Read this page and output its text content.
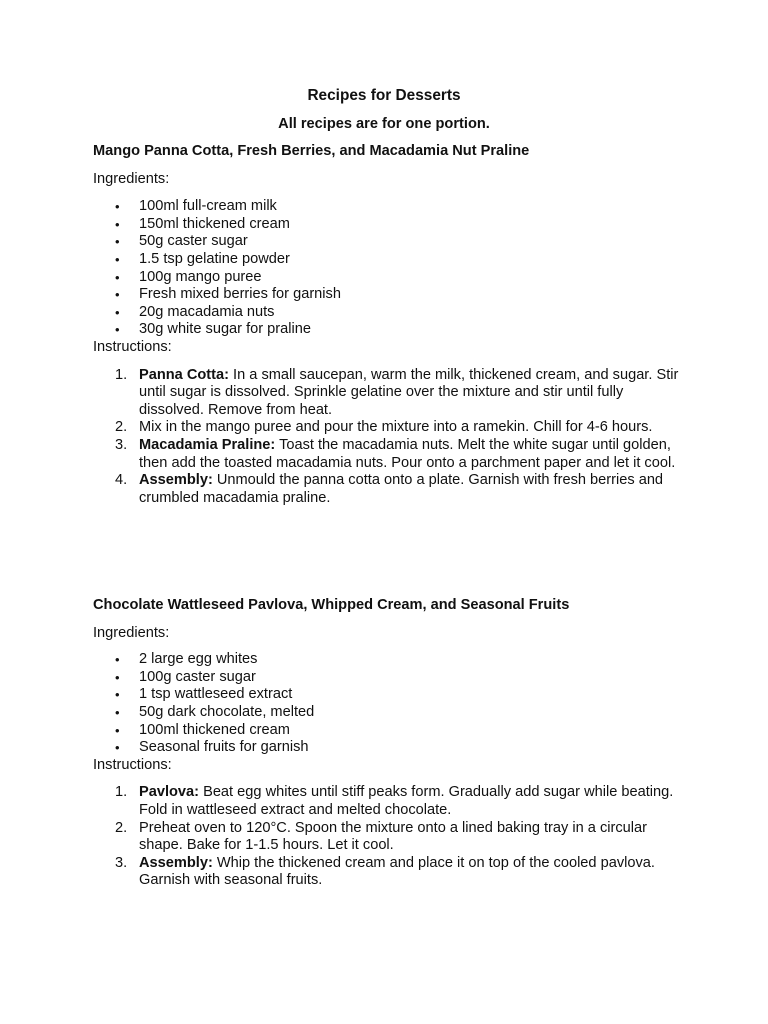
Recipes for Desserts
All recipes are for one portion.

Mango Panna Cotta, Fresh Berries, and Macadamia Nut Praline

Ingredients:

• 100ml full-cream milk
• 150ml thickened cream
• 50g caster sugar
• 1.5 tsp gelatine powder
• 100g mango puree
• Fresh mixed berries for garnish
• 20g macadamia nuts
• 30g white sugar for praline

Instructions:

1. Panna Cotta: In a small saucepan, warm the milk, thickened cream, and sugar. Stir until sugar is dissolved. Sprinkle gelatine over the mixture and stir until fully dissolved. Remove from heat.
2. Mix in the mango puree and pour the mixture into a ramekin. Chill for 4-6 hours.
3. Macadamia Praline: Toast the macadamia nuts. Melt the white sugar until golden, then add the toasted macadamia nuts. Pour onto a parchment paper and let it cool.
4. Assembly: Unmould the panna cotta onto a plate. Garnish with fresh berries and crumbled macadamia praline.

Chocolate Wattleseed Pavlova, Whipped Cream, and Seasonal Fruits

Ingredients:

• 2 large egg whites
• 100g caster sugar
• 1 tsp wattleseed extract
• 50g dark chocolate, melted
• 100ml thickened cream
• Seasonal fruits for garnish

Instructions:

1. Pavlova: Beat egg whites until stiff peaks form. Gradually add sugar while beating. Fold in wattleseed extract and melted chocolate.
2. Preheat oven to 120°C. Spoon the mixture onto a lined baking tray in a circular shape. Bake for 1-1.5 hours. Let it cool.
3. Assembly: Whip the thickened cream and place it on top of the cooled pavlova. Garnish with seasonal fruits.
